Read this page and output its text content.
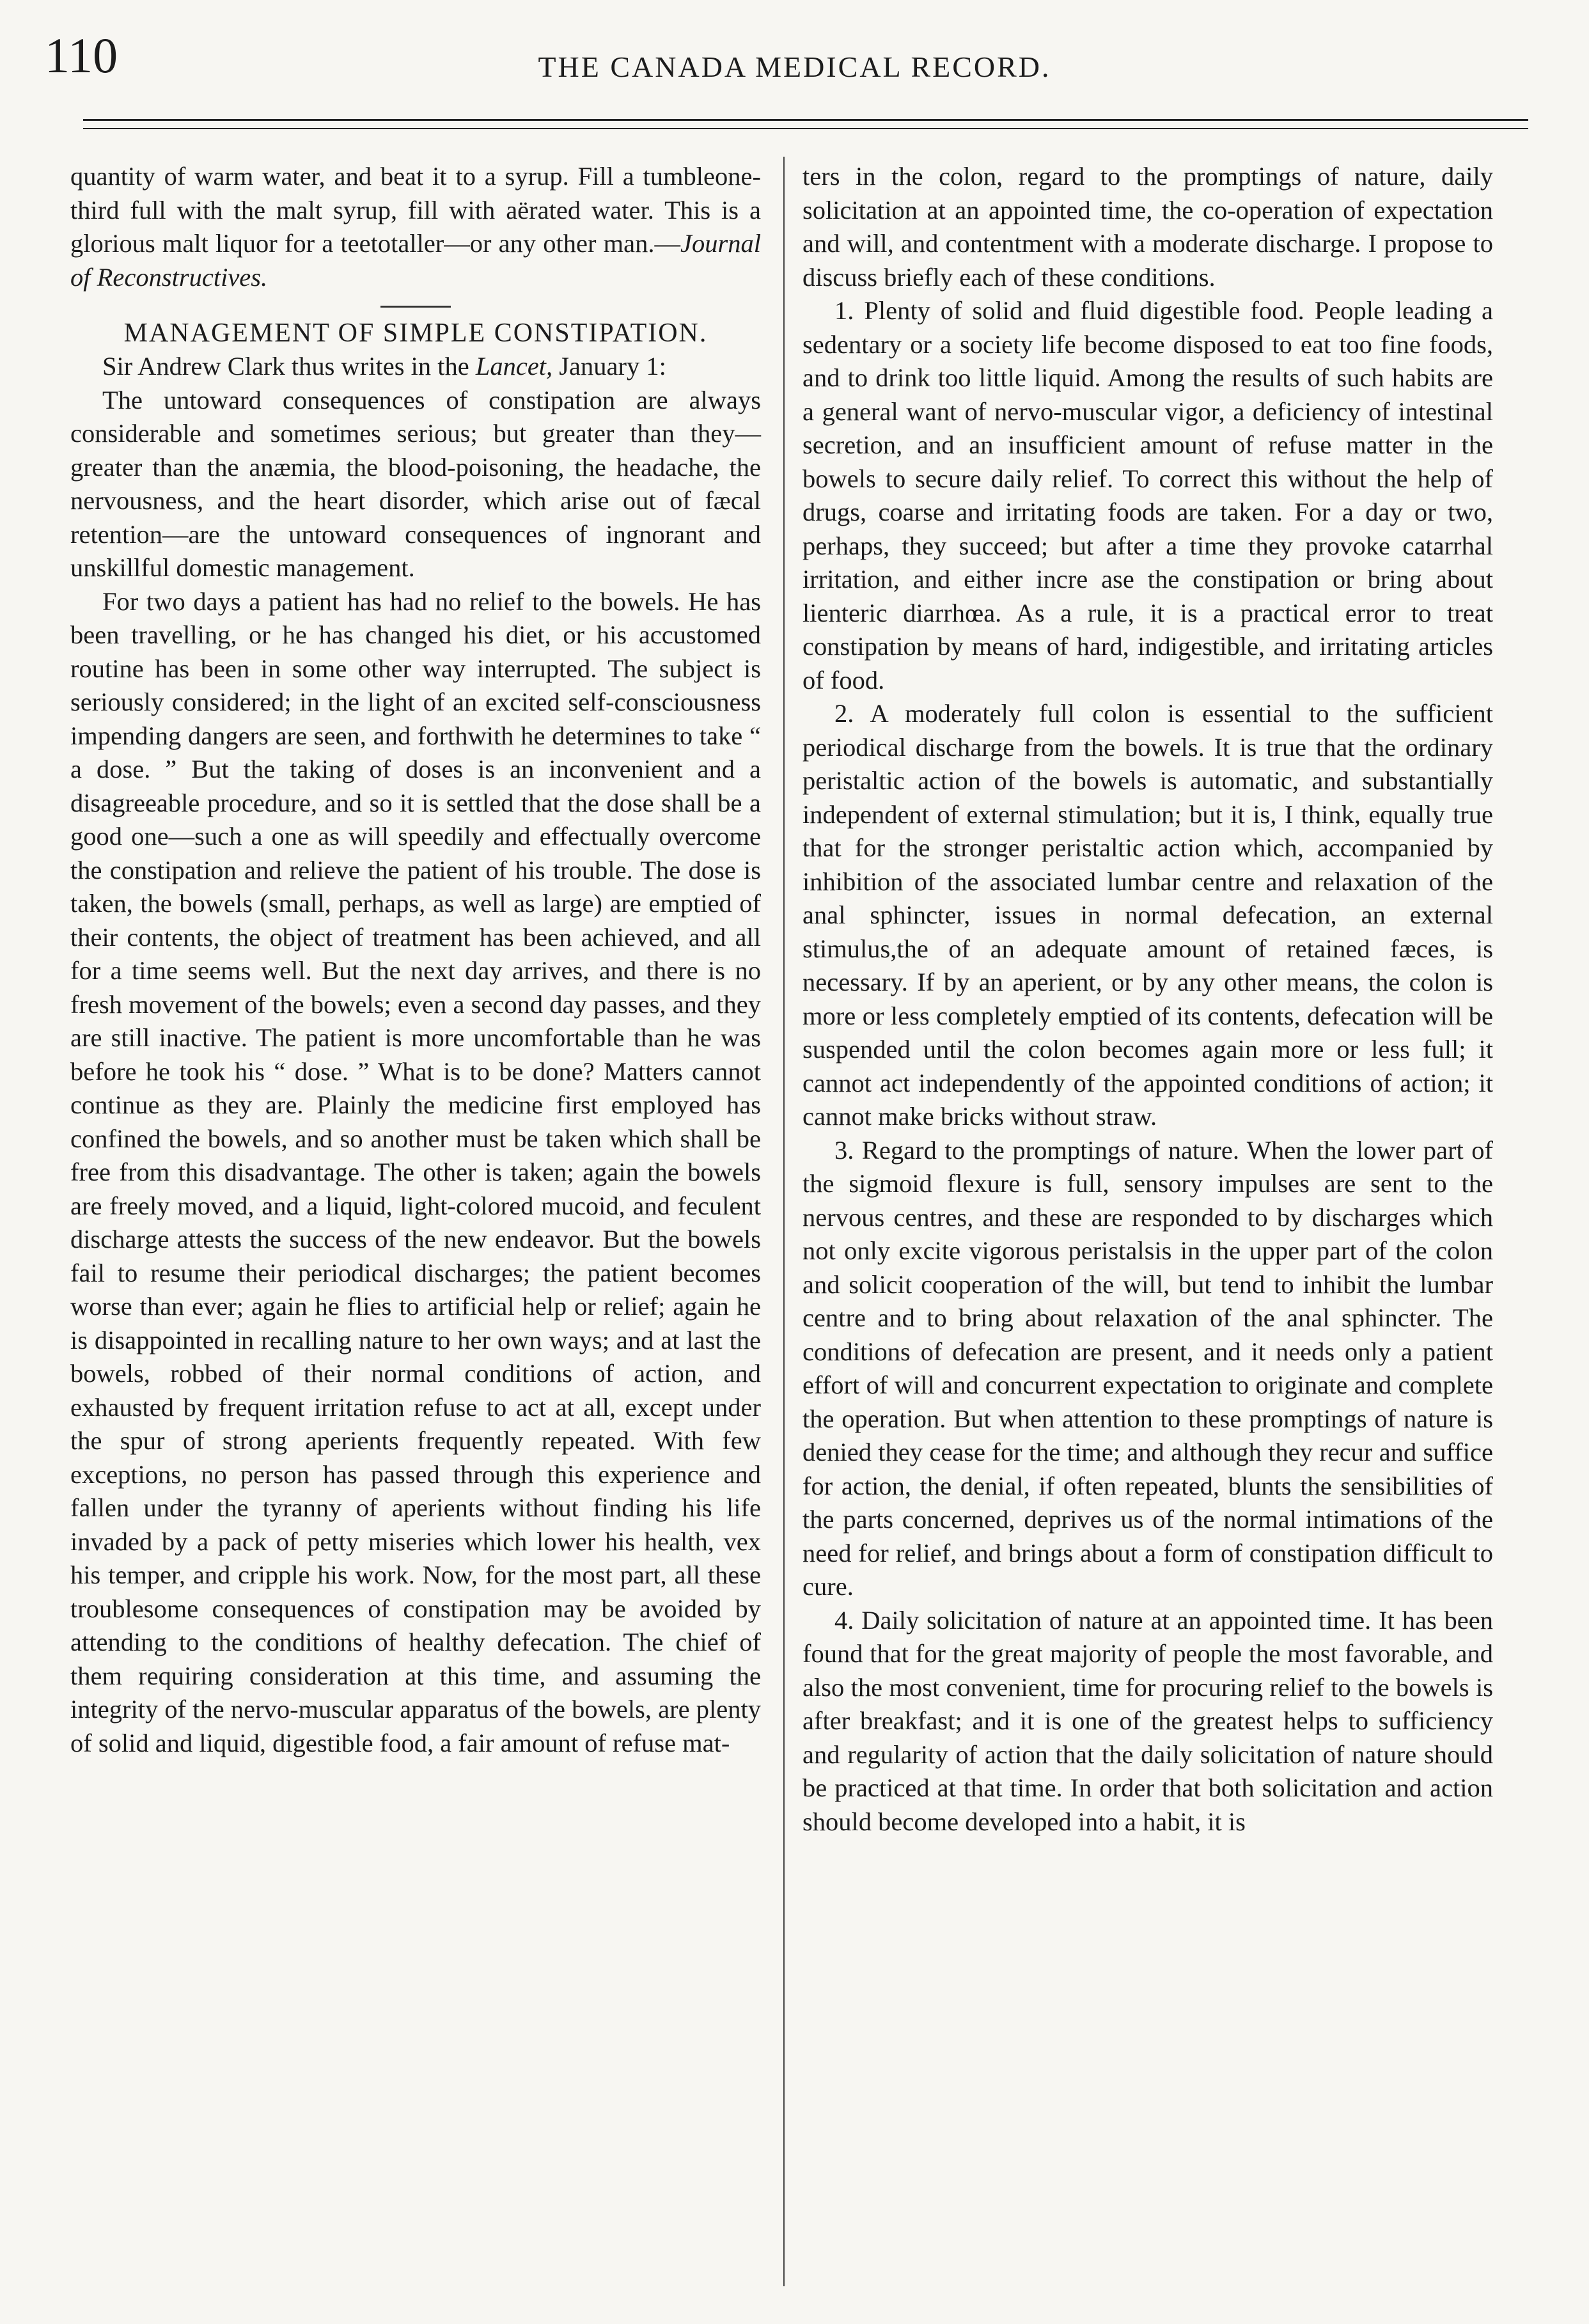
110	THE CANADA MEDICAL RECORD.

quantity of warm water, and beat it to a syrup. Fill a tumbleone-third full with the malt syrup, fill with aërated water. This is a glorious malt liquor for a teetotaller—or any other man.—Journal of Reconstructives.

MANAGEMENT OF SIMPLE CONSTIPATION.

Sir Andrew Clark thus writes in the Lancet, January 1:

The untoward consequences of constipation are always considerable and sometimes serious; but greater than they—greater than the anæmia, the blood-poisoning, the headache, the nervousness, and the heart disorder, which arise out of fæcal retention—are the untoward consequences of ingnorant and unskillful domestic management.

For two days a patient has had no relief to the bowels. He has been travelling, or he has changed his diet, or his accustomed routine has been in some other way interrupted. The subject is seriously considered; in the light of an excited self-consciousness impending dangers are seen, and forthwith he determines to take “ a dose. ” But the taking of doses is an inconvenient and a disagreeable procedure, and so it is settled that the dose shall be a good one—such a one as will speedily and effectually overcome the constipation and relieve the patient of his trouble. The dose is taken, the bowels (small, perhaps, as well as large) are emptied of their contents, the object of treatment has been achieved, and all for a time seems well. But the next day arrives, and there is no fresh movement of the bowels; even a second day passes, and they are still inactive. The patient is more uncomfortable than he was before he took his “ dose. ” What is to be done? Matters cannot continue as they are. Plainly the medicine first employed has confined the bowels, and so another must be taken which shall be free from this disadvantage. The other is taken; again the bowels are freely moved, and a liquid, light-colored mucoid, and feculent discharge attests the success of the new endeavor. But the bowels fail to resume their periodical discharges; the patient becomes worse than ever; again he flies to artificial help or relief; again he is disappointed in recalling nature to her own ways; and at last the bowels, robbed of their normal conditions of action, and exhausted by frequent irritation refuse to act at all, except under the spur of strong aperients frequently repeated. With few exceptions, no person has passed through this experience and fallen under the tyranny of aperients without finding his life invaded by a pack of petty miseries which lower his health, vex his temper, and cripple his work. Now, for the most part, all these troublesome consequences of constipation may be avoided by attending to the conditions of healthy defecation. The chief of them requiring consideration at this time, and assuming the integrity of the nervo-muscular apparatus of the bowels, are plenty of solid and liquid, digestible food, a fair amount of refuse mat-

ters in the colon, regard to the promptings of nature, daily solicitation at an appointed time, the co-operation of expectation and will, and contentment with a moderate discharge. I propose to discuss briefly each of these conditions.

1. Plenty of solid and fluid digestible food. People leading a sedentary or a society life become disposed to eat too fine foods, and to drink too little liquid. Among the results of such habits are a general want of nervo-muscular vigor, a deficiency of intestinal secretion, and an insufficient amount of refuse matter in the bowels to secure daily relief. To correct this without the help of drugs, coarse and irritating foods are taken. For a day or two, perhaps, they succeed; but after a time they provoke catarrhal irritation, and either incre ase the constipation or bring about lienteric diarrhœa. As a rule, it is a practical error to treat constipation by means of hard, indigestible, and irritating articles of food.

2. A moderately full colon is essential to the sufficient periodical discharge from the bowels. It is true that the ordinary peristaltic action of the bowels is automatic, and substantially independent of external stimulation; but it is, I think, equally true that for the stronger peristaltic action which, accompanied by inhibition of the associated lumbar centre and relaxation of the anal sphincter, issues in normal defecation, an external stimulus,the of an adequate amount of retained fæces, is necessary. If by an aperient, or by any other means, the colon is more or less completely emptied of its contents, defecation will be suspended until the colon becomes again more or less full; it cannot act independently of the appointed conditions of action; it cannot make bricks without straw.

3. Regard to the promptings of nature. When the lower part of the sigmoid flexure is full, sensory impulses are sent to the nervous centres, and these are responded to by discharges which not only excite vigorous peristalsis in the upper part of the colon and solicit cooperation of the will, but tend to inhibit the lumbar centre and to bring about relaxation of the anal sphincter. The conditions of defecation are present, and it needs only a patient effort of will and concurrent expectation to originate and complete the operation. But when attention to these promptings of nature is denied they cease for the time; and although they recur and suffice for action, the denial, if often repeated, blunts the sensibilities of the parts concerned, deprives us of the normal intimations of the need for relief, and brings about a form of constipation difficult to cure.

4. Daily solicitation of nature at an appointed time. It has been found that for the great majority of people the most favorable, and also the most convenient, time for procuring relief to the bowels is after breakfast; and it is one of the greatest helps to sufficiency and regularity of action that the daily solicitation of nature should be practiced at that time. In order that both solicitation and action should become developed into a habit, it is
